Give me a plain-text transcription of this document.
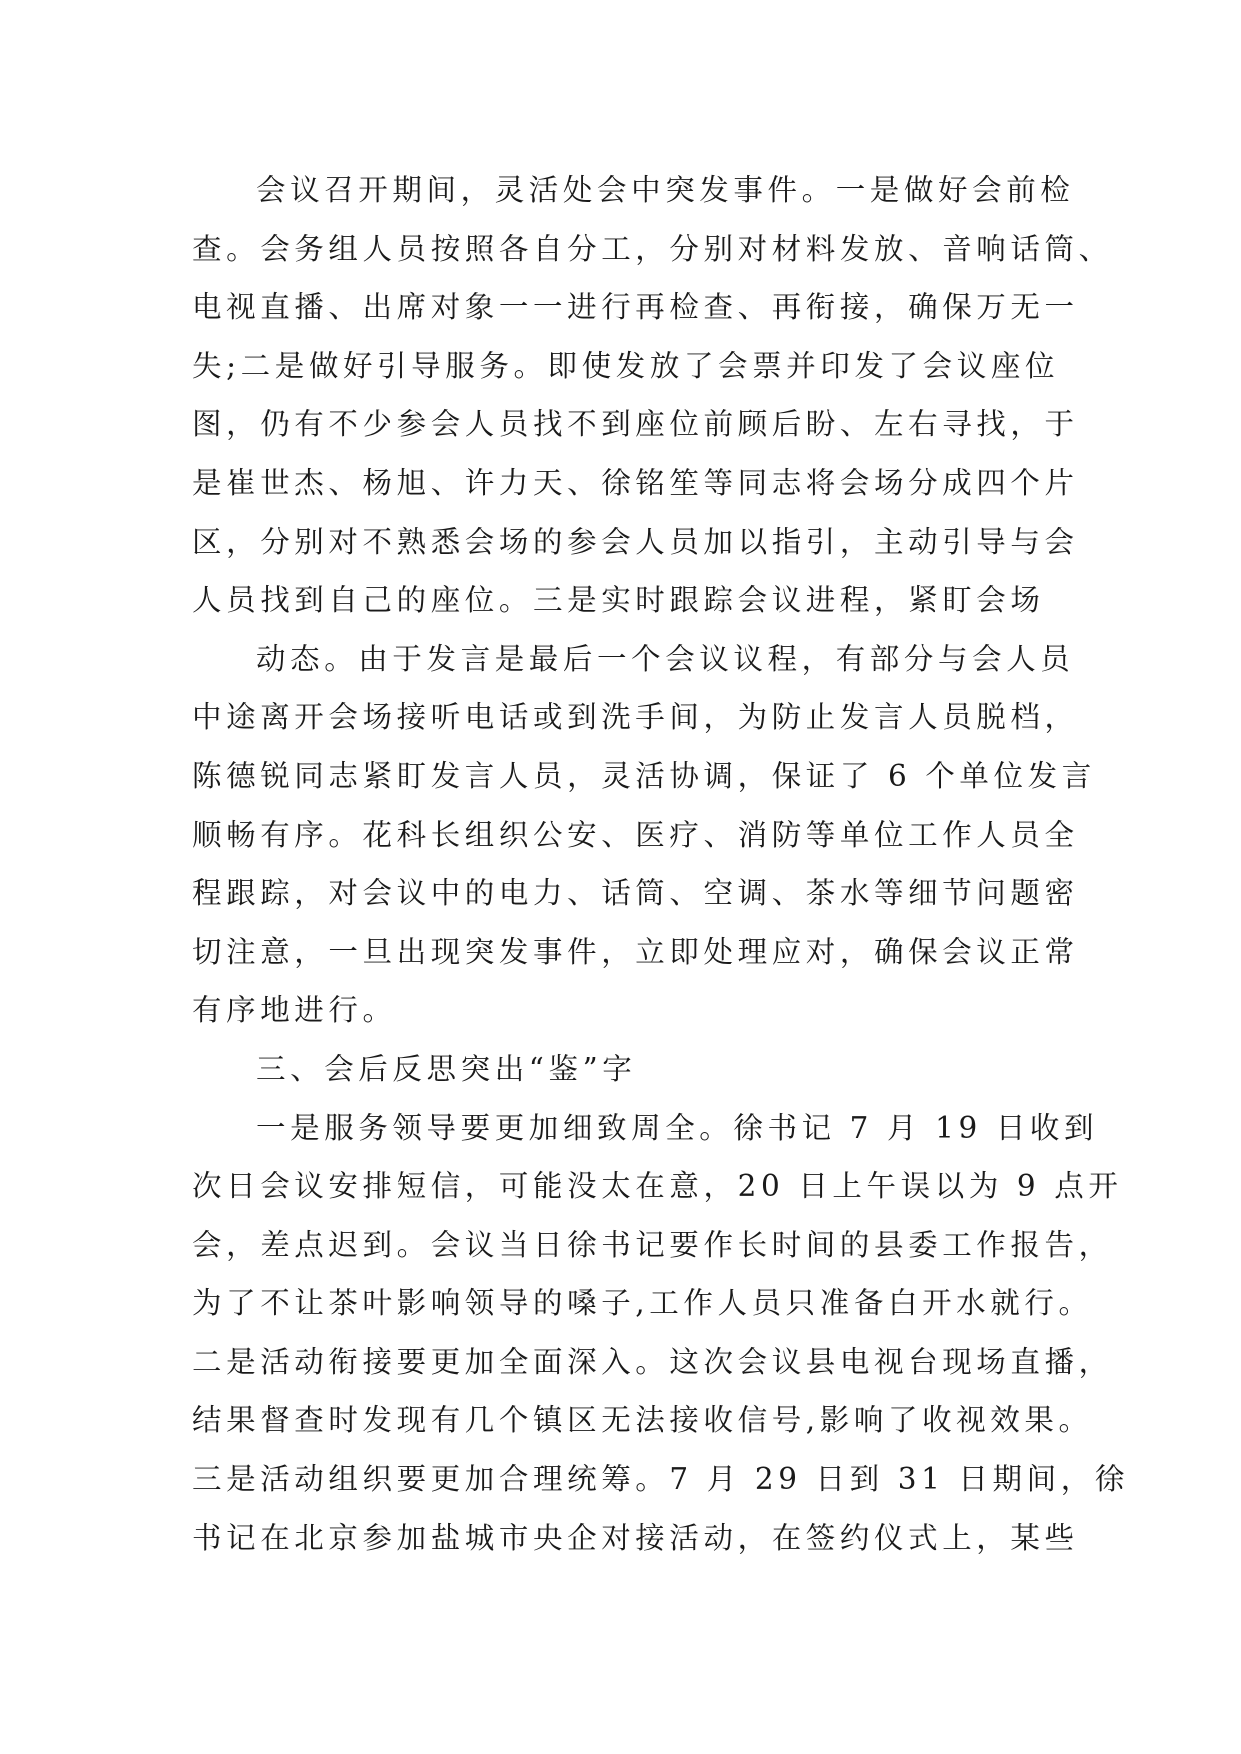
会议召开期间，灵活处会中突发事件。一是做好会前检
查。会务组人员按照各自分工，分别对材料发放、音响话筒、
电视直播、出席对象一一进行再检查、再衔接，确保万无一
失;二是做好引导服务。即使发放了会票并印发了会议座位
图，仍有不少参会人员找不到座位前顾后盼、左右寻找，于
是崔世杰、杨旭、许力天、徐铭笙等同志将会场分成四个片
区，分别对不熟悉会场的参会人员加以指引，主动引导与会
人员找到自己的座位。三是实时跟踪会议进程，紧盯会场
动态。由于发言是最后一个会议议程，有部分与会人员
中途离开会场接听电话或到洗手间，为防止发言人员脱档，
陈德锐同志紧盯发言人员，灵活协调，保证了 6 个单位发言
顺畅有序。花科长组织公安、医疗、消防等单位工作人员全
程跟踪，对会议中的电力、话筒、空调、茶水等细节问题密
切注意，一旦出现突发事件，立即处理应对，确保会议正常
有序地进行。
三、会后反思突出“鉴”字
一是服务领导要更加细致周全。徐书记 7 月 19 日收到
次日会议安排短信，可能没太在意，20 日上午误以为 9 点开
会，差点迟到。会议当日徐书记要作长时间的县委工作报告，
为了不让茶叶影响领导的嗓子,工作人员只准备白开水就行。
二是活动衔接要更加全面深入。这次会议县电视台现场直播，
结果督查时发现有几个镇区无法接收信号,影响了收视效果。
三是活动组织要更加合理统筹。7 月 29 日到 31 日期间，徐
书记在北京参加盐城市央企对接活动，在签约仪式上，某些
